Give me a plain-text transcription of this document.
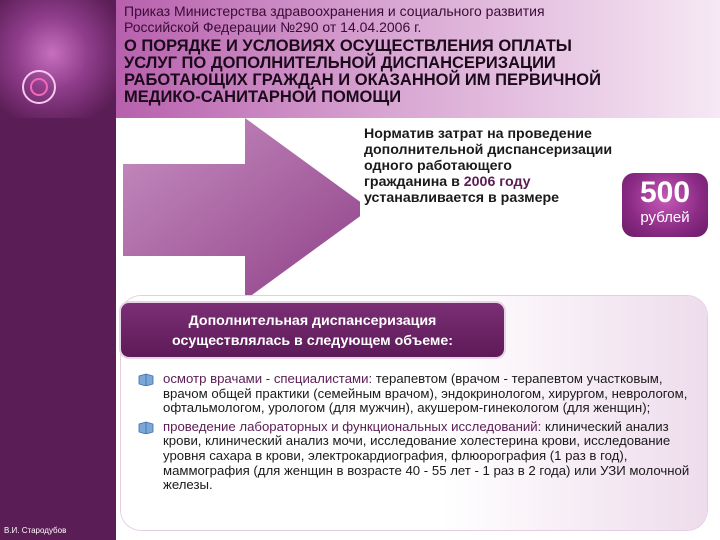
В.И. Стародубов
Приказ Министерства здравоохранения и социального развития
Российской Федерации №290 от 14.04.2006 г.
О ПОРЯДКЕ И УСЛОВИЯХ ОСУЩЕСТВЛЕНИЯ ОПЛАТЫ
УСЛУГ ПО ДОПОЛНИТЕЛЬНОЙ ДИСПАНСЕРИЗАЦИИ
РАБОТАЮЩИХ ГРАЖДАН И ОКАЗАННОЙ ИМ ПЕРВИЧНОЙ
МЕДИКО-САНИТАРНОЙ ПОМОЩИ
Норматив затрат на проведение
дополнительной диспансеризации
одного работающего
гражданина в 2006 году
устанавливается в размере	500
рублей
Дополнительная диспансеризация
осуществлялась в следующем объеме:
осмотр врачами - специалистами: терапевтом (врачом - терапевтом участковым, врачом общей практики (семейным врачом), эндокринологом, хирургом, неврологом, офтальмологом, урологом (для мужчин), акушером-гинекологом (для женщин);
проведение лабораторных и функциональных исследований: клинический анализ крови, клинический анализ мочи, исследование холестерина крови, исследование уровня сахара в крови, электрокардиография, флюорография (1 раз в год), маммография (для женщин в возрасте 40 - 55 лет - 1 раз в 2 года) или УЗИ молочной железы.
